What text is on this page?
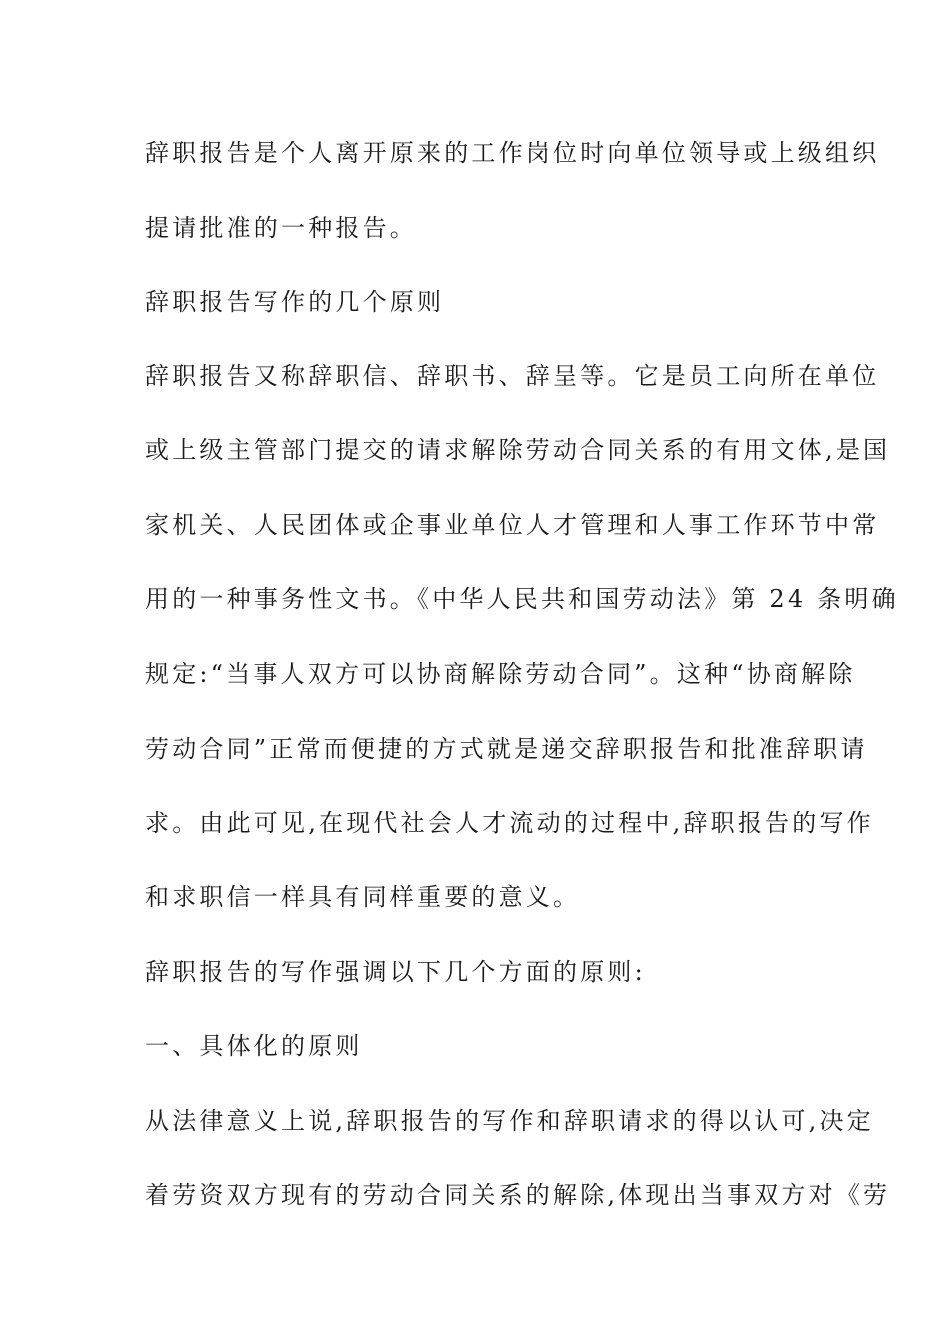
辞职报告是个人离开原来的工作岗位时向单位领导或上级组织
提请批准的一种报告。
辞职报告写作的几个原则
辞职报告又称辞职信、辞职书、辞呈等。它是员工向所在单位
或上级主管部门提交的请求解除劳动合同关系的有用文体,是国
家机关、人民团体或企事业单位人才管理和人事工作环节中常
用的一种事务性文书。《中华人民共和国劳动法》第 24 条明确
规定:“当事人双方可以协商解除劳动合同”。这种“协商解除
劳动合同”正常而便捷的方式就是递交辞职报告和批准辞职请
求。由此可见,在现代社会人才流动的过程中,辞职报告的写作
和求职信一样具有同样重要的意义。
辞职报告的写作强调以下几个方面的原则:
一、具体化的原则
从法律意义上说,辞职报告的写作和辞职请求的得以认可,决定
着劳资双方现有的劳动合同关系的解除,体现出当事双方对《劳
